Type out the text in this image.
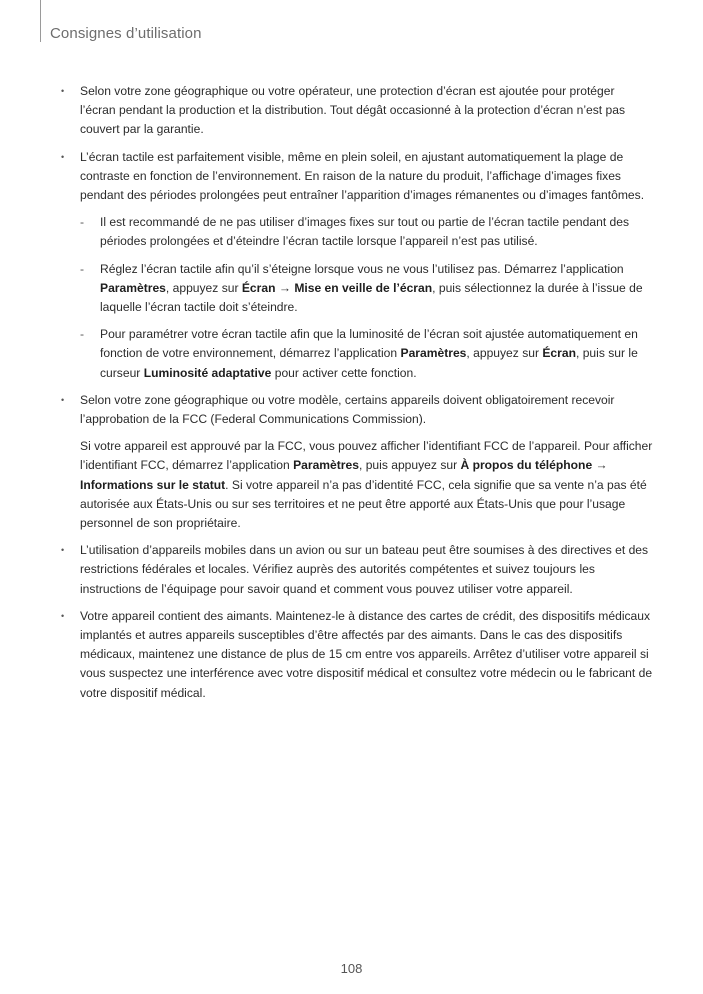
Consignes d’utilisation
• Selon votre zone géographique ou votre opérateur, une protection d’écran est ajoutée pour protéger l’écran pendant la production et la distribution. Tout dégât occasionné à la protection d’écran n’est pas couvert par la garantie.

• L’écran tactile est parfaitement visible, même en plein soleil, en ajustant automatiquement la plage de contraste en fonction de l’environnement. En raison de la nature du produit, l’affichage d’images fixes pendant des périodes prolongées peut entraîner l’apparition d’images rémanentes ou d’images fantômes.

- Il est recommandé de ne pas utiliser d’images fixes sur tout ou partie de l’écran tactile pendant des périodes prolongées et d’éteindre l’écran tactile lorsque l’appareil n’est pas utilisé.

- Réglez l’écran tactile afin qu’il s’éteigne lorsque vous ne vous l’utilisez pas. Démarrez l’application Paramètres, appuyez sur Écran → Mise en veille de l’écran, puis sélectionnez la durée à l’issue de laquelle l’écran tactile doit s’éteindre.

- Pour paramétrer votre écran tactile afin que la luminosité de l’écran soit ajustée automatiquement en fonction de votre environnement, démarrez l’application Paramètres, appuyez sur Écran, puis sur le curseur Luminosité adaptative pour activer cette fonction.

• Selon votre zone géographique ou votre modèle, certains appareils doivent obligatoirement recevoir l’approbation de la FCC (Federal Communications Commission).

Si votre appareil est approuvé par la FCC, vous pouvez afficher l’identifiant FCC de l’appareil. Pour afficher l’identifiant FCC, démarrez l’application Paramètres, puis appuyez sur À propos du téléphone → Informations sur le statut. Si votre appareil n’a pas d’identité FCC, cela signifie que sa vente n’a pas été autorisée aux États-Unis ou sur ses territoires et ne peut être apporté aux États-Unis que pour l’usage personnel de son propriétaire.

• L’utilisation d’appareils mobiles dans un avion ou sur un bateau peut être soumises à des directives et des restrictions fédérales et locales. Vérifiez auprès des autorités compétentes et suivez toujours les instructions de l’équipage pour savoir quand et comment vous pouvez utiliser votre appareil.

• Votre appareil contient des aimants. Maintenez-le à distance des cartes de crédit, des dispositifs médicaux implantés et autres appareils susceptibles d’être affectés par des aimants. Dans le cas des dispositifs médicaux, maintenez une distance de plus de 15 cm entre vos appareils. Arrêtez d’utiliser votre appareil si vous suspectez une interférence avec votre dispositif médical et consultez votre médecin ou le fabricant de votre dispositif médical.

108
